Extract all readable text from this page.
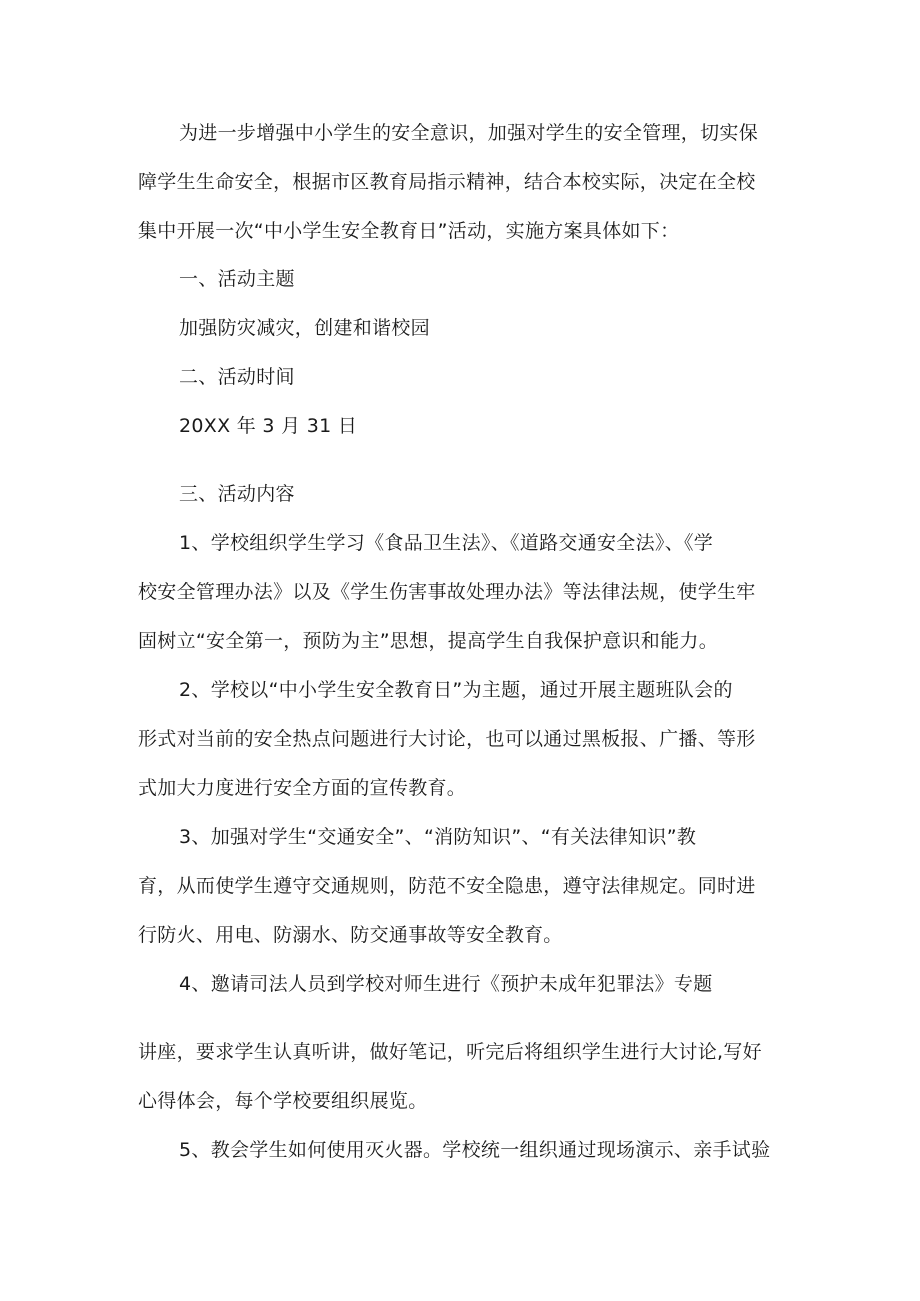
为进一步增强中小学生的安全意识，加强对学生的安全管理，切实保
障学生生命安全，根据市区教育局指示精神，结合本校实际，决定在全校
集中开展一次“中小学生安全教育日”活动，实施方案具体如下：
一、活动主题
加强防灾减灾，创建和谐校园
二、活动时间
20XX 年 3 月 31 日
三、活动内容
1、学校组织学生学习《食品卫生法》、《道路交通安全法》、《学
校安全管理办法》以及《学生伤害事故处理办法》等法律法规，使学生牢
固树立“安全第一，预防为主”思想，提高学生自我保护意识和能力。
2、学校以“中小学生安全教育日”为主题，通过开展主题班队会的
形式对当前的安全热点问题进行大讨论，也可以通过黑板报、广播、等形
式加大力度进行安全方面的宣传教育。
3、加强对学生“交通安全”、“消防知识”、“有关法律知识”教
育，从而使学生遵守交通规则，防范不安全隐患，遵守法律规定。同时进
行防火、用电、防溺水、防交通事故等安全教育。
4、邀请司法人员到学校对师生进行《预护未成年犯罪法》专题
讲座，要求学生认真听讲，做好笔记，听完后将组织学生进行大讨论,写好
心得体会，每个学校要组织展览。
5、教会学生如何使用灭火器。学校统一组织通过现场演示、亲手试验
